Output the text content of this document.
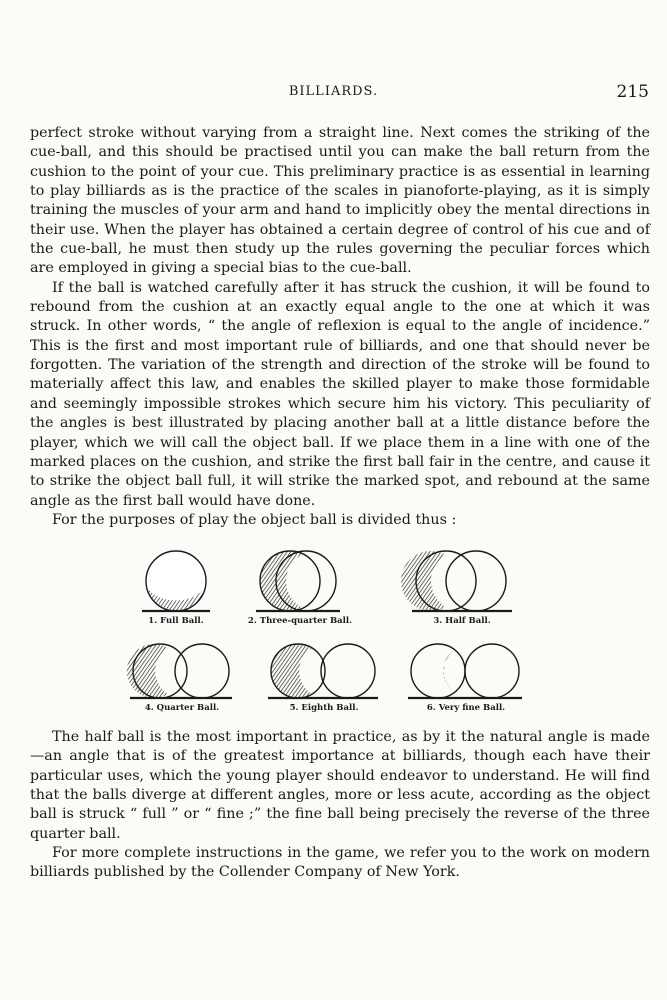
BILLIARDS.	215

perfect stroke without varying from a straight line. Next comes the striking of the cue-ball, and this should be practised until you can make the ball return from the cushion to the point of your cue. This preliminary practice is as essential in learning to play billiards as is the practice of the scales in pianoforte-playing, as it is simply training the muscles of your arm and hand to implicitly obey the mental directions in their use. When the player has obtained a certain degree of control of his cue and of the cue-ball, he must then study up the rules governing the peculiar forces which are employed in giving a special bias to the cue-ball.

If the ball is watched carefully after it has struck the cushion, it will be found to rebound from the cushion at an exactly equal angle to the one at which it was struck. In other words, “ the angle of reflexion is equal to the angle of incidence.” This is the first and most important rule of billiards, and one that should never be forgotten. The variation of the strength and direction of the stroke will be found to materially affect this law, and enables the skilled player to make those formidable and seemingly impossible strokes which secure him his victory. This peculiarity of the angles is best illustrated by placing another ball at a little distance before the player, which we will call the object ball. If we place them in a line with one of the marked places on the cushion, and strike the first ball fair in the centre, and cause it to strike the object ball full, it will strike the marked spot, and rebound at the same angle as the first ball would have done.

For the purposes of play the object ball is divided thus :

1. Full Ball.	2. Three-quarter Ball.	3. Half Ball.
4. Quarter Ball.	5. Eighth Ball.	6. Very fine Ball.

The half ball is the most important in practice, as by it the natural angle is made—an angle that is of the greatest importance at billiards, though each have their particular uses, which the young player should endeavor to understand. He will find that the balls diverge at different angles, more or less acute, according as the object ball is struck “ full ” or “ fine ;” the fine ball being precisely the reverse of the three quarter ball.

For more complete instructions in the game, we refer you to the work on modern billiards published by the Collender Company of New York.
